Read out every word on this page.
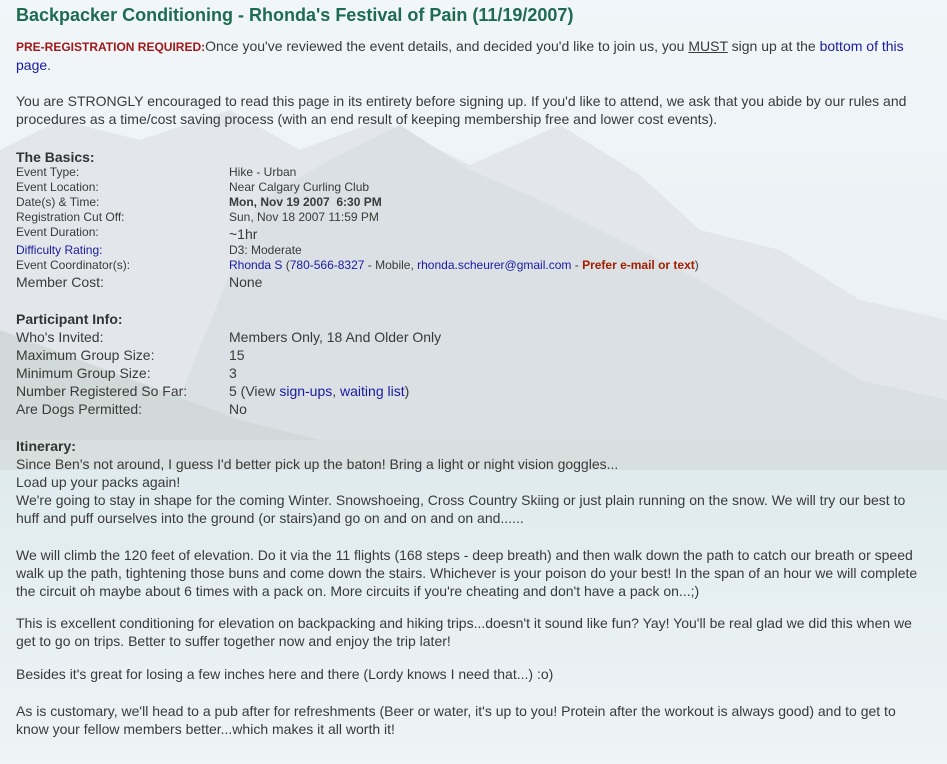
Backpacker Conditioning - Rhonda's Festival of Pain (11/19/2007)
PRE-REGISTRATION REQUIRED:Once you've reviewed the event details, and decided you'd like to join us, you MUST sign up at the bottom of this page.
You are STRONGLY encouraged to read this page in its entirety before signing up. If you'd like to attend, we ask that you abide by our rules and procedures as a time/cost saving process (with an end result of keeping membership free and lower cost events).
The Basics:
Event Type:	Hike - Urban
Event Location:	Near Calgary Curling Club
Date(s) & Time:	Mon, Nov 19 2007  6:30 PM
Registration Cut Off:	Sun, Nov 18 2007 11:59 PM
Event Duration:	~1hr
Difficulty Rating:	D3: Moderate
Event Coordinator(s):	Rhonda S (780-566-8327 - Mobile, rhonda.scheurer@gmail.com - Prefer e-mail or text)
Member Cost:	None
Participant Info:
Who's Invited:	Members Only, 18 And Older Only
Maximum Group Size:	15
Minimum Group Size:	3
Number Registered So Far:	5 (View sign-ups, waiting list)
Are Dogs Permitted:	No
Itinerary:
Since Ben's not around, I guess I'd better pick up the baton! Bring a light or night vision goggles...
Load up your packs again!
We're going to stay in shape for the coming Winter. Snowshoeing, Cross Country Skiing or just plain running on the snow. We will try our best to huff and puff ourselves into the ground (or stairs)and go on and on and on and......
We will climb the 120 feet of elevation. Do it via the 11 flights (168 steps - deep breath) and then walk down the path to catch our breath or speed walk up the path, tightening those buns and come down the stairs. Whichever is your poison do your best! In the span of an hour we will complete the circuit oh maybe about 6 times with a pack on. More circuits if you're cheating and don't have a pack on...;)
This is excellent conditioning for elevation on backpacking and hiking trips...doesn't it sound like fun? Yay! You'll be real glad we did this when we get to go on trips. Better to suffer together now and enjoy the trip later!
Besides it's great for losing a few inches here and there (Lordy knows I need that...) :o)
As is customary, we'll head to a pub after for refreshments (Beer or water, it's up to you! Protein after the workout is always good) and to get to know your fellow members better...which makes it all worth it!
